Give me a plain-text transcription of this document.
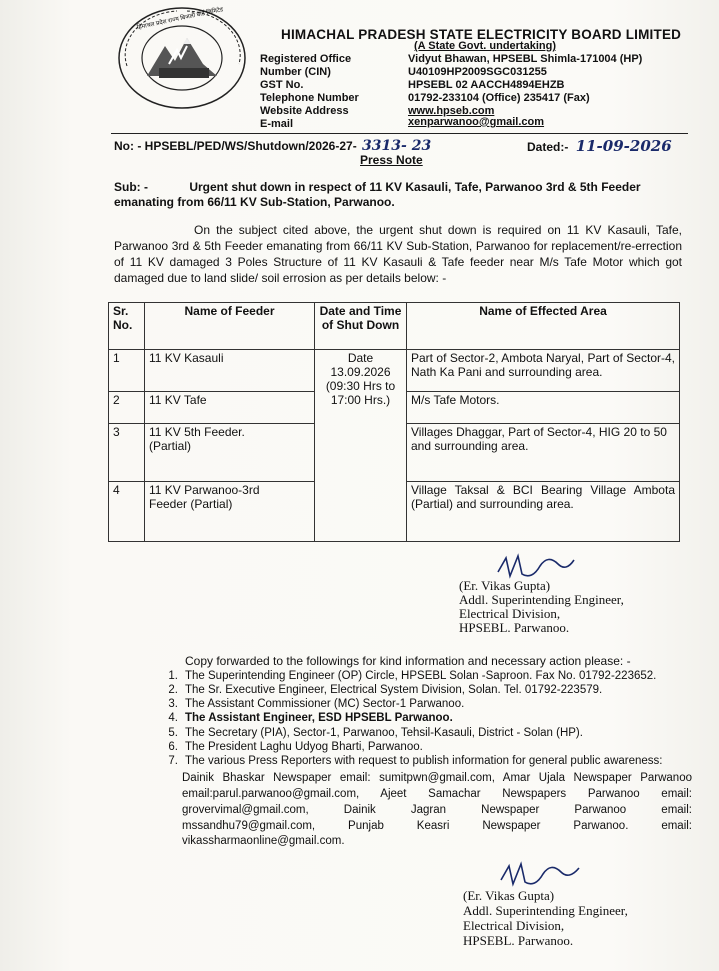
हिमाचल प्रदेश राज्य बिजली बोर्ड लिमिटेड
HIMACHAL PRADESH STATE ELECTRICITY BOARD LIMITED
(A State Govt. undertaking)
Registered Office	Vidyut Bhawan, HPSEBL Shimla-171004 (HP)
Number (CIN)	U40109HP2009SGC031255
GST No.	HPSEBL 02 AACCH4894EHZB
Telephone Number	01792-233104 (Office) 235417 (Fax)
Website Address	www.hpseb.com
E-mail	xenparwanoo@gmail.com
No: - HPSEBL/PED/WS/Shutdown/2026-27- 3313- 23	Dated:- 11-09-2026
Press Note
Sub: -	Urgent shut down in respect of 11 KV Kasauli, Tafe, Parwanoo 3rd & 5th Feeder emanating from 66/11 KV Sub-Station, Parwanoo.
On the subject cited above, the urgent shut down is required on 11 KV Kasauli, Tafe, Parwanoo 3rd & 5th Feeder emanating from 66/11 KV Sub-Station, Parwanoo for replacement/re-errection of 11 KV damaged 3 Poles Structure of 11 KV Kasauli & Tafe feeder near M/s Tafe Motor which got damaged due to land slide/ soil errosion as per details below: -
Sr. No.	Name of Feeder	Date and Time of Shut Down	Name of Effected Area
1	11 KV Kasauli	Date 13.09.2026 (09:30 Hrs to 17:00 Hrs.)	Part of Sector-2, Ambota Naryal, Part of Sector-4, Nath Ka Pani and surrounding area.
2	11 KV Tafe		M/s Tafe Motors.
3	11 KV 5th Feeder. (Partial)		Villages Dhaggar, Part of Sector-4, HIG 20 to 50 and surrounding area.
4	11 KV Parwanoo-3rd Feeder (Partial)		Village Taksal & BCI Bearing Village Ambota (Partial) and surrounding area.
(Er. Vikas Gupta)
Addl. Superintending Engineer,
Electrical Division,
HPSEBL. Parwanoo.
Copy forwarded to the followings for kind information and necessary action please: -
1. The Superintending Engineer (OP) Circle, HPSEBL Solan -Saproon. Fax No. 01792-223652.
2. The Sr. Executive Engineer, Electrical System Division, Solan. Tel. 01792-223579.
3. The Assistant Commissioner (MC) Sector-1 Parwanoo.
4. The Assistant Engineer, ESD HPSEBL Parwanoo.
5. The Secretary (PIA), Sector-1, Parwanoo, Tehsil-Kasauli, District - Solan (HP).
6. The President Laghu Udyog Bharti, Parwanoo.
7. The various Press Reporters with request to publish information for general public awareness:
Dainik Bhaskar Newspaper email: sumitpwn@gmail.com, Amar Ujala Newspaper Parwanoo
email:parul.parwanoo@gmail.com, Ajeet Samachar Newspapers Parwanoo email:
grovervimal@gmail.com, Dainik Jagran Newspaper Parwanoo email:
mssandhu79@gmail.com, Punjab Keasri Newspaper Parwanoo. email:
vikassharmaonline@gmail.com.
(Er. Vikas Gupta)
Addl. Superintending Engineer,
Electrical Division,
HPSEBL. Parwanoo.
